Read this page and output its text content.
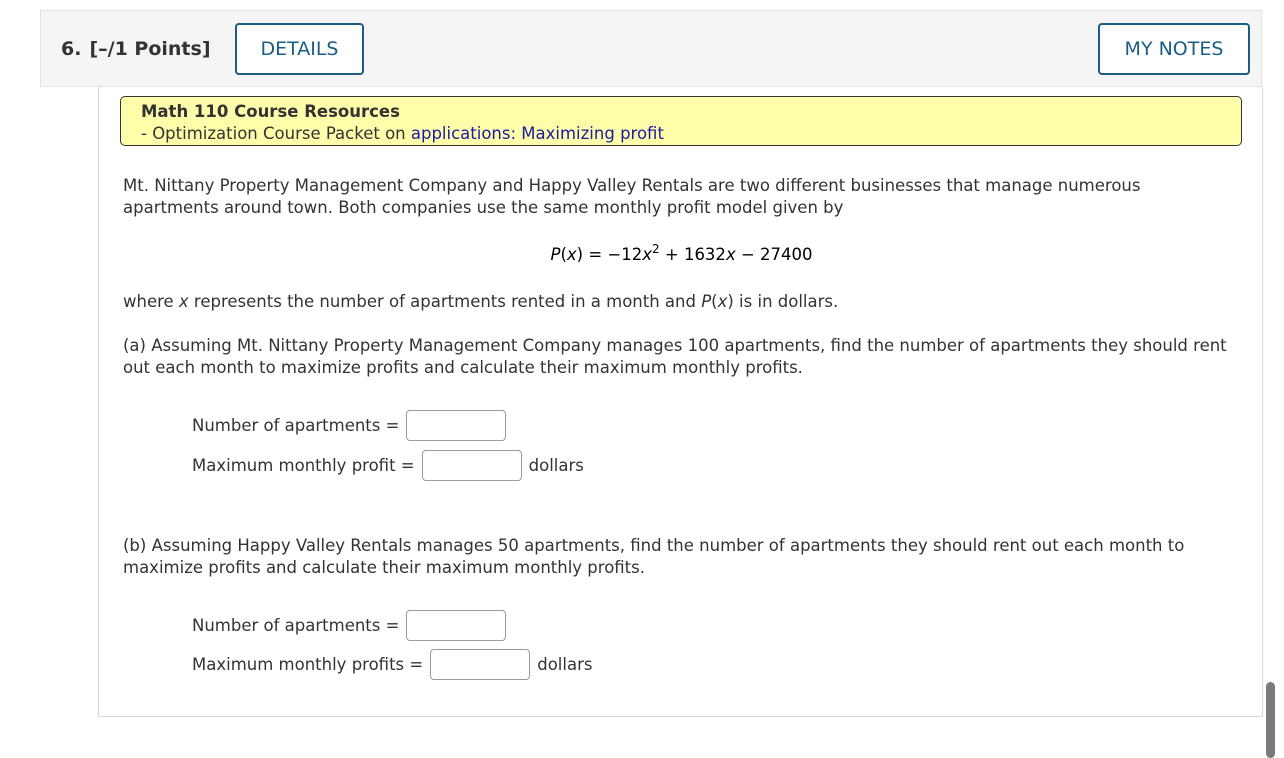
6. [–/1 Points]	DETAILS	MY NOTES
Math 110 Course Resources
- Optimization Course Packet on applications: Maximizing profit

Mt. Nittany Property Management Company and Happy Valley Rentals are two different businesses that manage numerous apartments around town. Both companies use the same monthly profit model given by

$P(x) = -12x^2 + 1632x - 27400$

where x represents the number of apartments rented in a month and P(x) is in dollars.

(a) Assuming Mt. Nittany Property Management Company manages 100 apartments, find the number of apartments they should rent out each month to maximize profits and calculate their maximum monthly profits.

Number of apartments =
Maximum monthly profit =	dollars

(b) Assuming Happy Valley Rentals manages 50 apartments, find the number of apartments they should rent out each month to maximize profits and calculate their maximum monthly profits.

Number of apartments =
Maximum monthly profits =	dollars
